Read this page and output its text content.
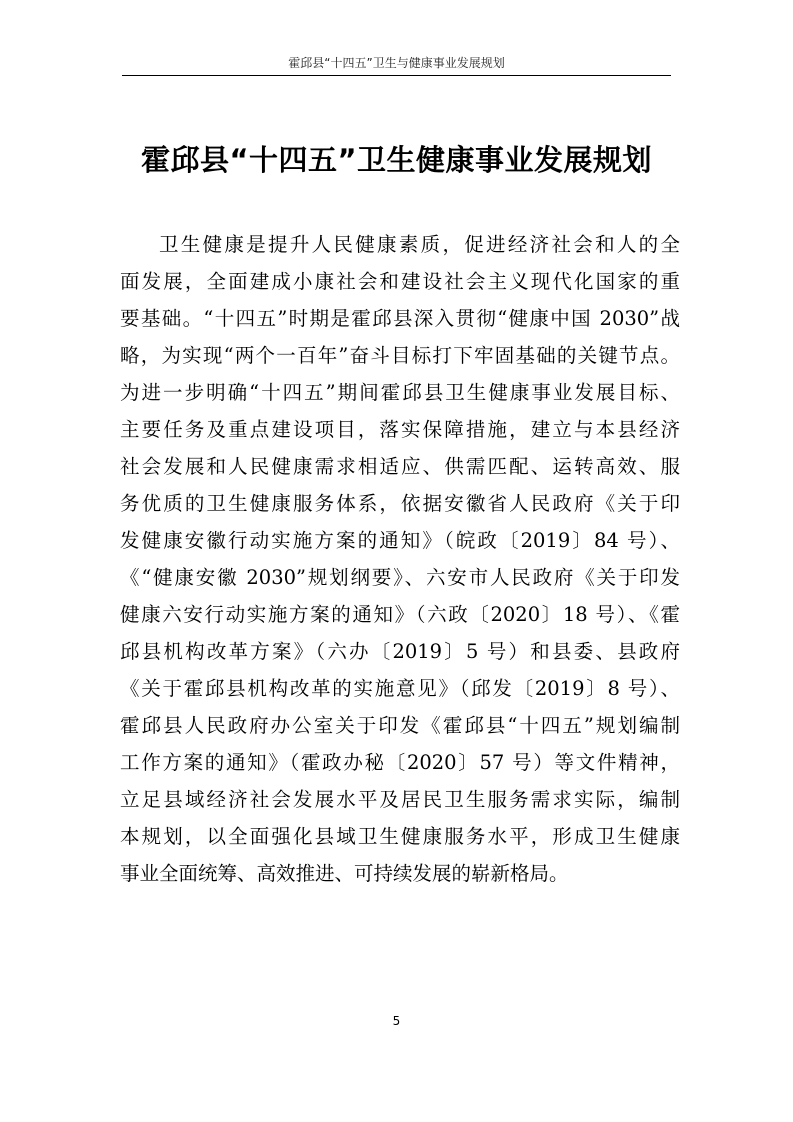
霍邱县“十四五”卫生与健康事业发展规划
霍邱县“十四五”卫生健康事业发展规划
卫生健康是提升人民健康素质，促进经济社会和人的全
面发展，全面建成小康社会和建设社会主义现代化国家的重
要基础。“十四五”时期是霍邱县深入贯彻“健康中国 2030”战
略，为实现“两个一百年”奋斗目标打下牢固基础的关键节点。
为进一步明确“十四五”期间霍邱县卫生健康事业发展目标、
主要任务及重点建设项目，落实保障措施，建立与本县经济
社会发展和人民健康需求相适应、供需匹配、运转高效、服
务优质的卫生健康服务体系，依据安徽省人民政府《关于印
发健康安徽行动实施方案的通知》（皖政〔2019〕84 号）、
《“健康安徽 2030”规划纲要》、六安市人民政府《关于印发
健康六安行动实施方案的通知》（六政〔2020〕18 号）、《霍
邱县机构改革方案》（六办〔2019〕5 号）和县委、县政府
《关于霍邱县机构改革的实施意见》（邱发〔2019〕8 号）、
霍邱县人民政府办公室关于印发《霍邱县“十四五”规划编制
工作方案的通知》（霍政办秘〔2020〕57 号）等文件精神，
立足县域经济社会发展水平及居民卫生服务需求实际，编制
本规划，以全面强化县域卫生健康服务水平，形成卫生健康
事业全面统筹、高效推进、可持续发展的崭新格局。
5
